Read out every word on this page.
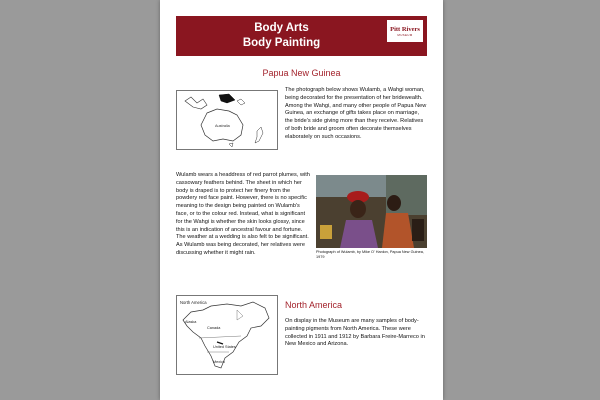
Body Arts
Body Painting
Pitt Rivers
MUSEUM
Papua New Guinea
Australia
The photograph below shows Wulamb, a Wahgi woman, being decorated for the presentation of her bridewealth. Among the Wahgi, and many other people of Papua New Guinea, an exchange of gifts takes place on marriage, the bride's side giving more than they receive. Relatives of both bride and groom often decorate themselves elaborately on such occasions.
Wulamb wears a headdress of red parrot plumes, with cassowary feathers behind. The sheet in which her body is draped is to protect her finery from the powdery red face paint. However, there is no specific meaning to the design being painted on Wulamb's face, or to the colour red. Instead, what is significant for the Wahgi is whether the skin looks glossy, since this is an indication of ancestral favour and fortune. The weather at a wedding is also felt to be significant. As Wulamb was being decorated, her relatives were discussing whether it might rain.	Photograph of Wulamb, by Mike O' Hanlon, Papua New Guinea, 1979
North America
Alaska
Canada
United States
Mexico
North America
On display in the Museum are many samples of body-painting pigments from North America. These were collected in 1911 and 1912 by Barbara Freire-Marreco in New Mexico and Arizona.
